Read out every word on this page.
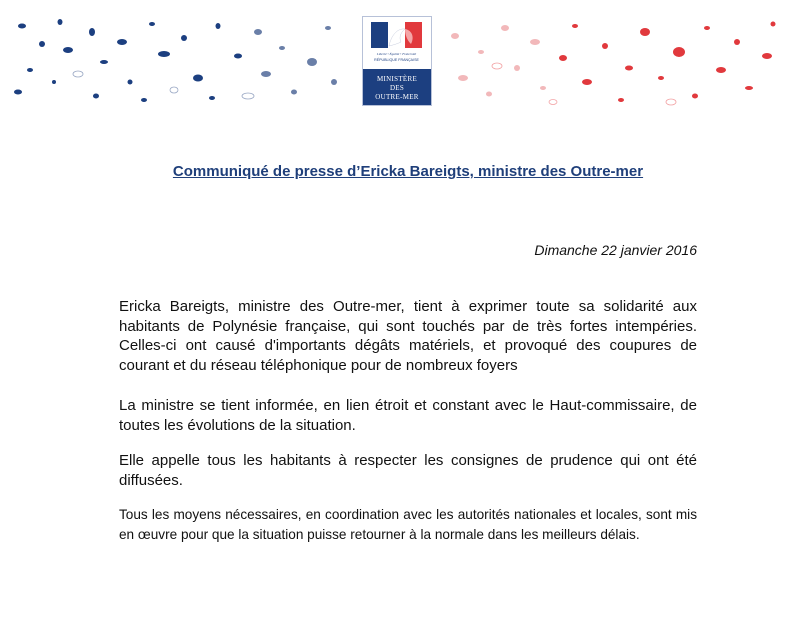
Liberté • Égalité • Fraternité
RÉPUBLIQUE FRANÇAISE
MINISTÈRE
DES
OUTRE-MER
Communiqué de presse d’Ericka Bareigts, ministre des Outre-mer
Dimanche 22 janvier 2016

Ericka Bareigts, ministre des Outre-mer, tient à exprimer toute sa solidarité aux habitants de Polynésie française, qui sont touchés par de très fortes intempéries. Celles-ci ont causé d'importants dégâts matériels, et provoqué des coupures de courant et du réseau téléphonique pour de nombreux foyers

La ministre se tient informée, en lien étroit et constant avec le Haut-commissaire, de toutes les évolutions de la situation.

Elle appelle tous les habitants à respecter les consignes de prudence qui ont été diffusées.

Tous les moyens nécessaires, en coordination avec les autorités nationales et locales, sont mis en œuvre pour que la situation puisse retourner à la normale dans les meilleurs délais.
